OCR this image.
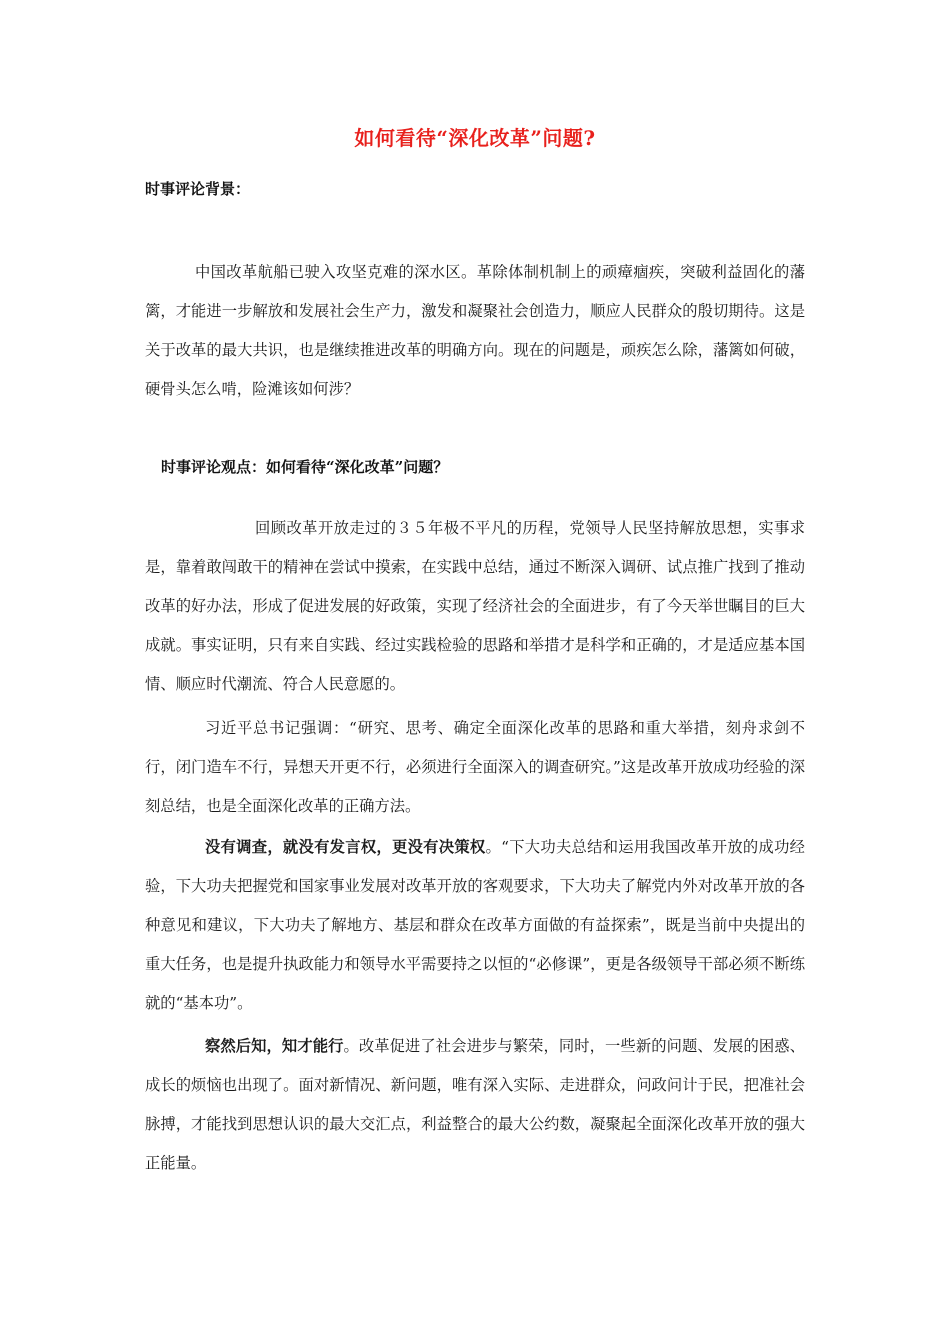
如何看待“深化改革”问题?
时事评论背景：

中国改革航船已驶入攻坚克难的深水区。革除体制机制上的顽瘴痼疾，突破利益固化的藩篱，才能进一步解放和发展社会生产力，激发和凝聚社会创造力，顺应人民群众的殷切期待。这是关于改革的最大共识，也是继续推进改革的明确方向。现在的问题是，顽疾怎么除，藩篱如何破，硬骨头怎么啃，险滩该如何涉？

时事评论观点：如何看待“深化改革”问题？

回顾改革开放走过的３５年极不平凡的历程，党领导人民坚持解放思想，实事求是，靠着敢闯敢干的精神在尝试中摸索，在实践中总结，通过不断深入调研、试点推广找到了推动改革的好办法，形成了促进发展的好政策，实现了经济社会的全面进步，有了今天举世瞩目的巨大成就。事实证明，只有来自实践、经过实践检验的思路和举措才是科学和正确的，才是适应基本国情、顺应时代潮流、符合人民意愿的。

习近平总书记强调：“研究、思考、确定全面深化改革的思路和重大举措，刻舟求剑不行，闭门造车不行，异想天开更不行，必须进行全面深入的调查研究。”这是改革开放成功经验的深刻总结，也是全面深化改革的正确方法。

没有调查，就没有发言权，更没有决策权。“下大功夫总结和运用我国改革开放的成功经验，下大功夫把握党和国家事业发展对改革开放的客观要求，下大功夫了解党内外对改革开放的各种意见和建议，下大功夫了解地方、基层和群众在改革方面做的有益探索”，既是当前中央提出的重大任务，也是提升执政能力和领导水平需要持之以恒的“必修课”，更是各级领导干部必须不断练就的“基本功”。

察然后知，知才能行。改革促进了社会进步与繁荣，同时，一些新的问题、发展的困惑、成长的烦恼也出现了。面对新情况、新问题，唯有深入实际、走进群众，问政问计于民，把准社会脉搏，才能找到思想认识的最大交汇点，利益整合的最大公约数，凝聚起全面深化改革开放的强大正能量。
